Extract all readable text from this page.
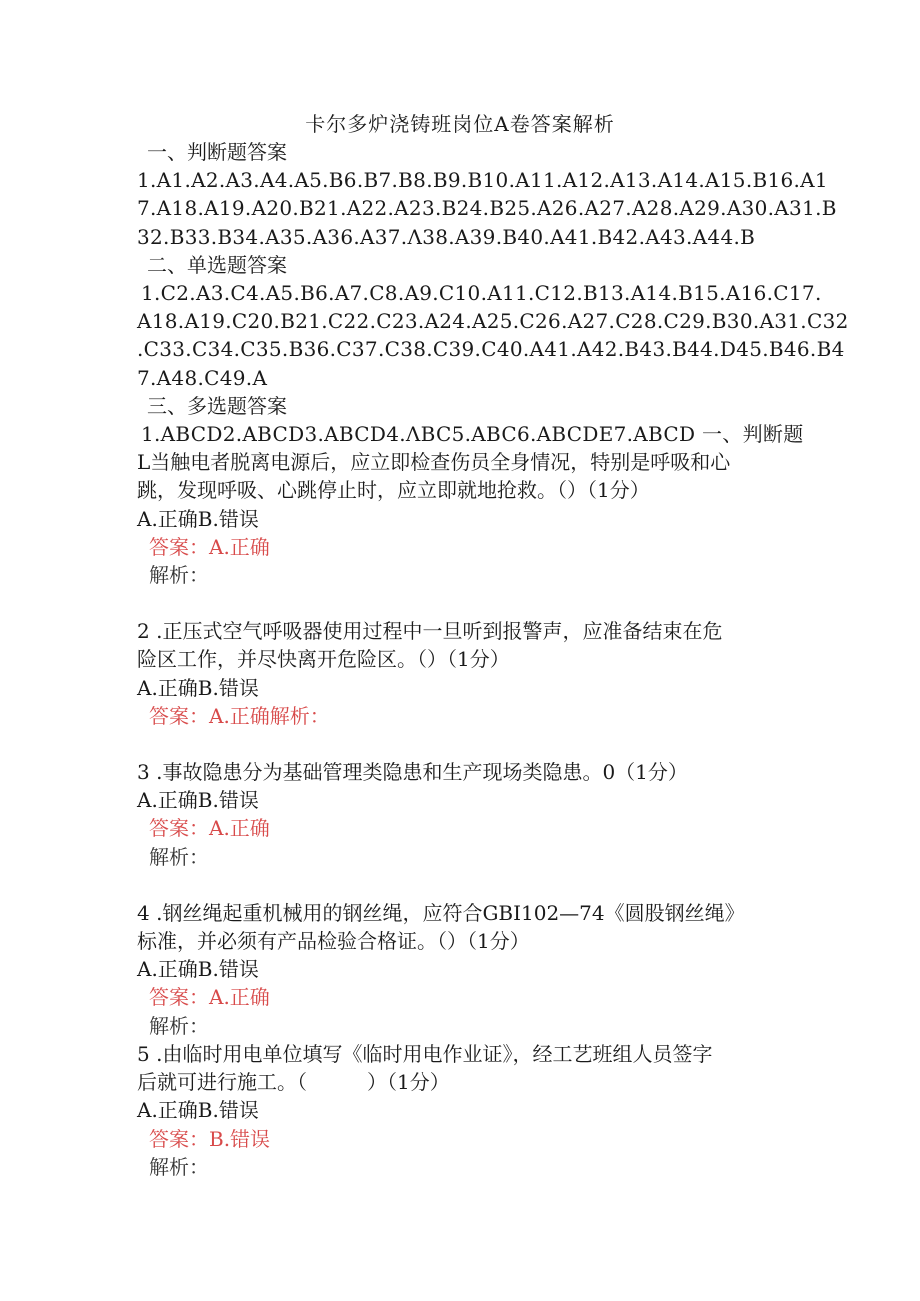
卡尔多炉浇铸班岗位A卷答案解析
一、判断题答案
1.A1.A2.A3.A4.A5.B6.B7.B8.B9.B10.A11.A12.A13.A14.A15.B16.A1
7.A18.A19.A20.B21.A22.A23.B24.B25.A26.A27.A28.A29.A30.A31.B
32.B33.B34.A35.A36.A37.Λ38.A39.B40.A41.B42.A43.A44.B
二、单选题答案
1.C2.A3.C4.A5.B6.A7.C8.A9.C10.A11.C12.B13.A14.B15.A16.C17.
A18.A19.C20.B21.C22.C23.A24.A25.C26.A27.C28.C29.B30.A31.C32
.C33.C34.C35.B36.C37.C38.C39.C40.A41.A42.B43.B44.D45.B46.B4
7.A48.C49.A
三、多选题答案
1.ABCD2.ABCD3.ABCD4.ΛBC5.ABC6.ABCDE7.ABCD 一、判断题
L当触电者脱离电源后，应立即检查伤员全身情况，特别是呼吸和心
跳，发现呼吸、心跳停止时，应立即就地抢救。（）（1分）
A.正确B.错误
答案：A.正确
解析：
2 .正压式空气呼吸器使用过程中一旦听到报警声，应准备结束在危
险区工作，并尽快离开危险区。（）（1分）
A.正确B.错误
答案：A.正确解析：
3 .事故隐患分为基础管理类隐患和生产现场类隐患。0（1分）
A.正确B.错误
答案：A.正确
解析：
4 .钢丝绳起重机械用的钢丝绳，应符合GBI102—74《圆股钢丝绳》
标准，并必须有产品检验合格证。（）（1分）
A.正确B.错误
答案：A.正确
解析：
5 .由临时用电单位填写《临时用电作业证》，经工艺班组人员签字
后就可进行施工。（　　　）（1分）
A.正确B.错误
答案：B.错误
解析：
